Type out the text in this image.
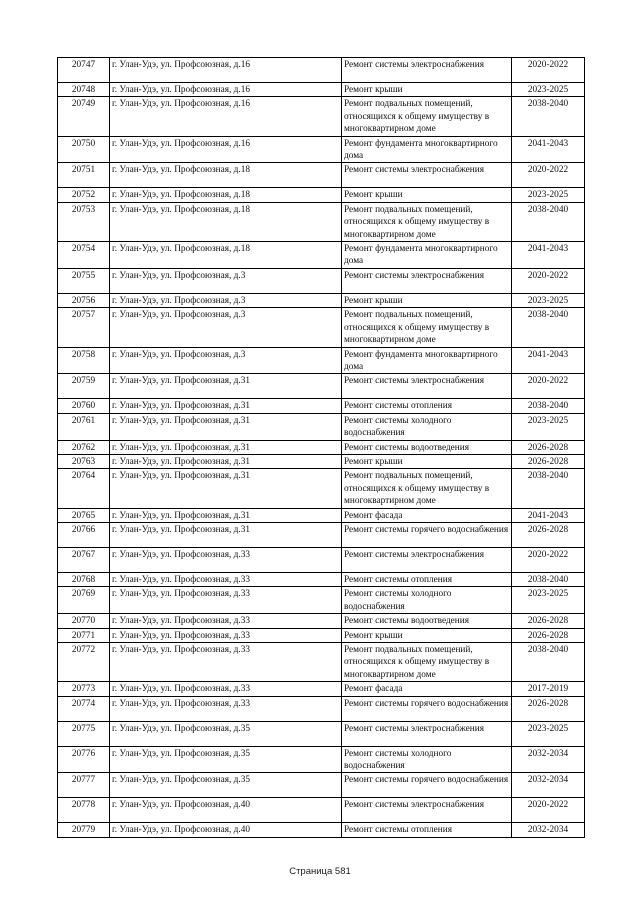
20747	г. Улан-Удэ, ул. Профсоюзная, д.16	Ремонт системы электроснабжения	2020-2022
20748	г. Улан-Удэ, ул. Профсоюзная, д.16	Ремонт крыши	2023-2025
20749	г. Улан-Удэ, ул. Профсоюзная, д.16	Ремонт подвальных помещений, относящихся к общему имуществу в многоквартирном доме	2038-2040
20750	г. Улан-Удэ, ул. Профсоюзная, д.16	Ремонт фундамента многоквартирного дома	2041-2043
20751	г. Улан-Удэ, ул. Профсоюзная, д.18	Ремонт системы электроснабжения	2020-2022
20752	г. Улан-Удэ, ул. Профсоюзная, д.18	Ремонт крыши	2023-2025
20753	г. Улан-Удэ, ул. Профсоюзная, д.18	Ремонт подвальных помещений, относящихся к общему имуществу в многоквартирном доме	2038-2040
20754	г. Улан-Удэ, ул. Профсоюзная, д.18	Ремонт фундамента многоквартирного дома	2041-2043
20755	г. Улан-Удэ, ул. Профсоюзная, д.3	Ремонт системы электроснабжения	2020-2022
20756	г. Улан-Удэ, ул. Профсоюзная, д.3	Ремонт крыши	2023-2025
20757	г. Улан-Удэ, ул. Профсоюзная, д.3	Ремонт подвальных помещений, относящихся к общему имуществу в многоквартирном доме	2038-2040
20758	г. Улан-Удэ, ул. Профсоюзная, д.3	Ремонт фундамента многоквартирного дома	2041-2043
20759	г. Улан-Удэ, ул. Профсоюзная, д.31	Ремонт системы электроснабжения	2020-2022
20760	г. Улан-Удэ, ул. Профсоюзная, д.31	Ремонт системы отопления	2038-2040
20761	г. Улан-Удэ, ул. Профсоюзная, д.31	Ремонт системы холодного водоснабжения	2023-2025
20762	г. Улан-Удэ, ул. Профсоюзная, д.31	Ремонт системы водоотведения	2026-2028
20763	г. Улан-Удэ, ул. Профсоюзная, д.31	Ремонт крыши	2026-2028
20764	г. Улан-Удэ, ул. Профсоюзная, д.31	Ремонт подвальных помещений, относящихся к общему имуществу в многоквартирном доме	2038-2040
20765	г. Улан-Удэ, ул. Профсоюзная, д.31	Ремонт фасада	2041-2043
20766	г. Улан-Удэ, ул. Профсоюзная, д.31	Ремонт системы горячего водоснабжения	2026-2028
20767	г. Улан-Удэ, ул. Профсоюзная, д.33	Ремонт системы электроснабжения	2020-2022
20768	г. Улан-Удэ, ул. Профсоюзная, д.33	Ремонт системы отопления	2038-2040
20769	г. Улан-Удэ, ул. Профсоюзная, д.33	Ремонт системы холодного водоснабжения	2023-2025
20770	г. Улан-Удэ, ул. Профсоюзная, д.33	Ремонт системы водоотведения	2026-2028
20771	г. Улан-Удэ, ул. Профсоюзная, д.33	Ремонт крыши	2026-2028
20772	г. Улан-Удэ, ул. Профсоюзная, д.33	Ремонт подвальных помещений, относящихся к общему имуществу в многоквартирном доме	2038-2040
20773	г. Улан-Удэ, ул. Профсоюзная, д.33	Ремонт фасада	2017-2019
20774	г. Улан-Удэ, ул. Профсоюзная, д.33	Ремонт системы горячего водоснабжения	2026-2028
20775	г. Улан-Удэ, ул. Профсоюзная, д.35	Ремонт системы электроснабжения	2023-2025
20776	г. Улан-Удэ, ул. Профсоюзная, д.35	Ремонт системы холодного водоснабжения	2032-2034
20777	г. Улан-Удэ, ул. Профсоюзная, д.35	Ремонт системы горячего водоснабжения	2032-2034
20778	г. Улан-Удэ, ул. Профсоюзная, д.40	Ремонт системы электроснабжения	2020-2022
20779	г. Улан-Удэ, ул. Профсоюзная, д.40	Ремонт системы отопления	2032-2034
Страница 581
